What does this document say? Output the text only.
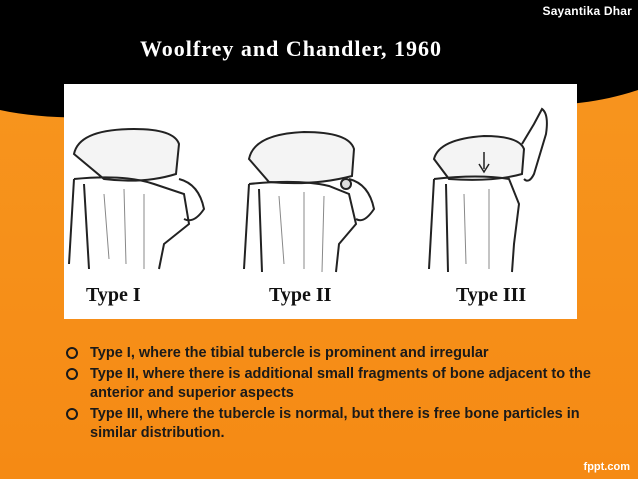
Sayantika Dhar
Woolfrey and Chandler, 1960
Type I	Type II	Type III
Type I, where the tibial tubercle is prominent and irregular
Type II, where there is additional small fragments of bone adjacent to the anterior and superior aspects
Type III, where the tubercle is normal, but there is free bone particles in similar distribution.
fppt.com
